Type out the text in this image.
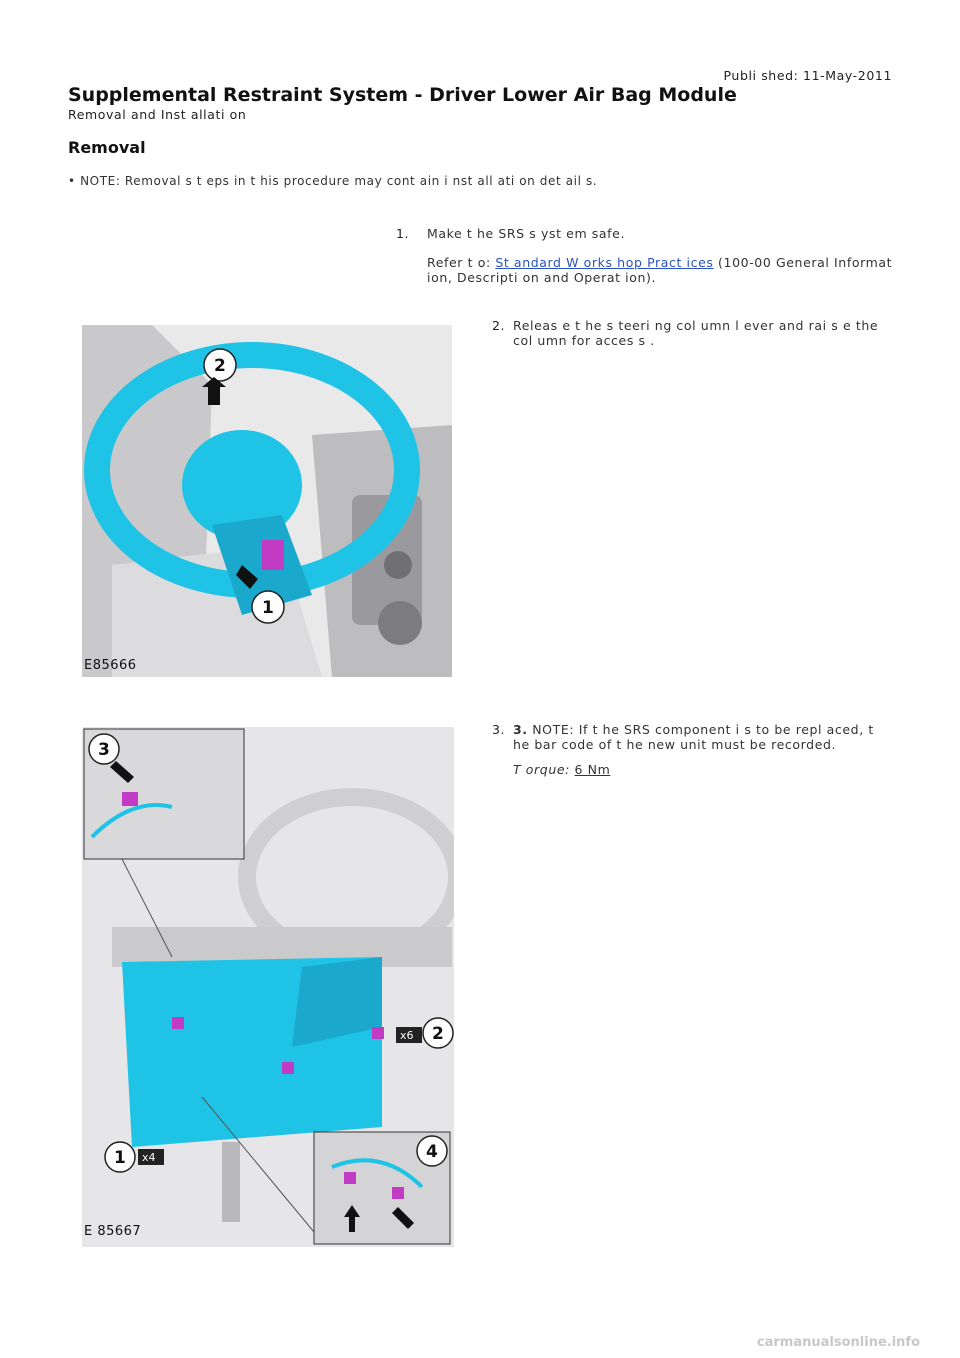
Publi shed: 11-May-2011
Supplemental Restraint System - Driver Lower Air Bag Module
Removal and Inst allati on
Removal
• NOTE: Removal s t eps in t his procedure may cont ain i nst all ati on det ail s.
1. Make t he SRS s yst em safe.
Refer t o: St andard W orks hop Pract ices (100-00 General Informat ion, Descripti on and Operat ion).
2. Releas e t he s teeri ng col umn l ever and rai s e the col umn for acces s .
2
1
E85666
3. 3. NOTE: If t he SRS component i s to be repl aced, t he bar code of t he new unit must be recorded.
T orque: 6 Nm
3
x6 2
1 x4	4
E 85667
carmanualsonline.info
